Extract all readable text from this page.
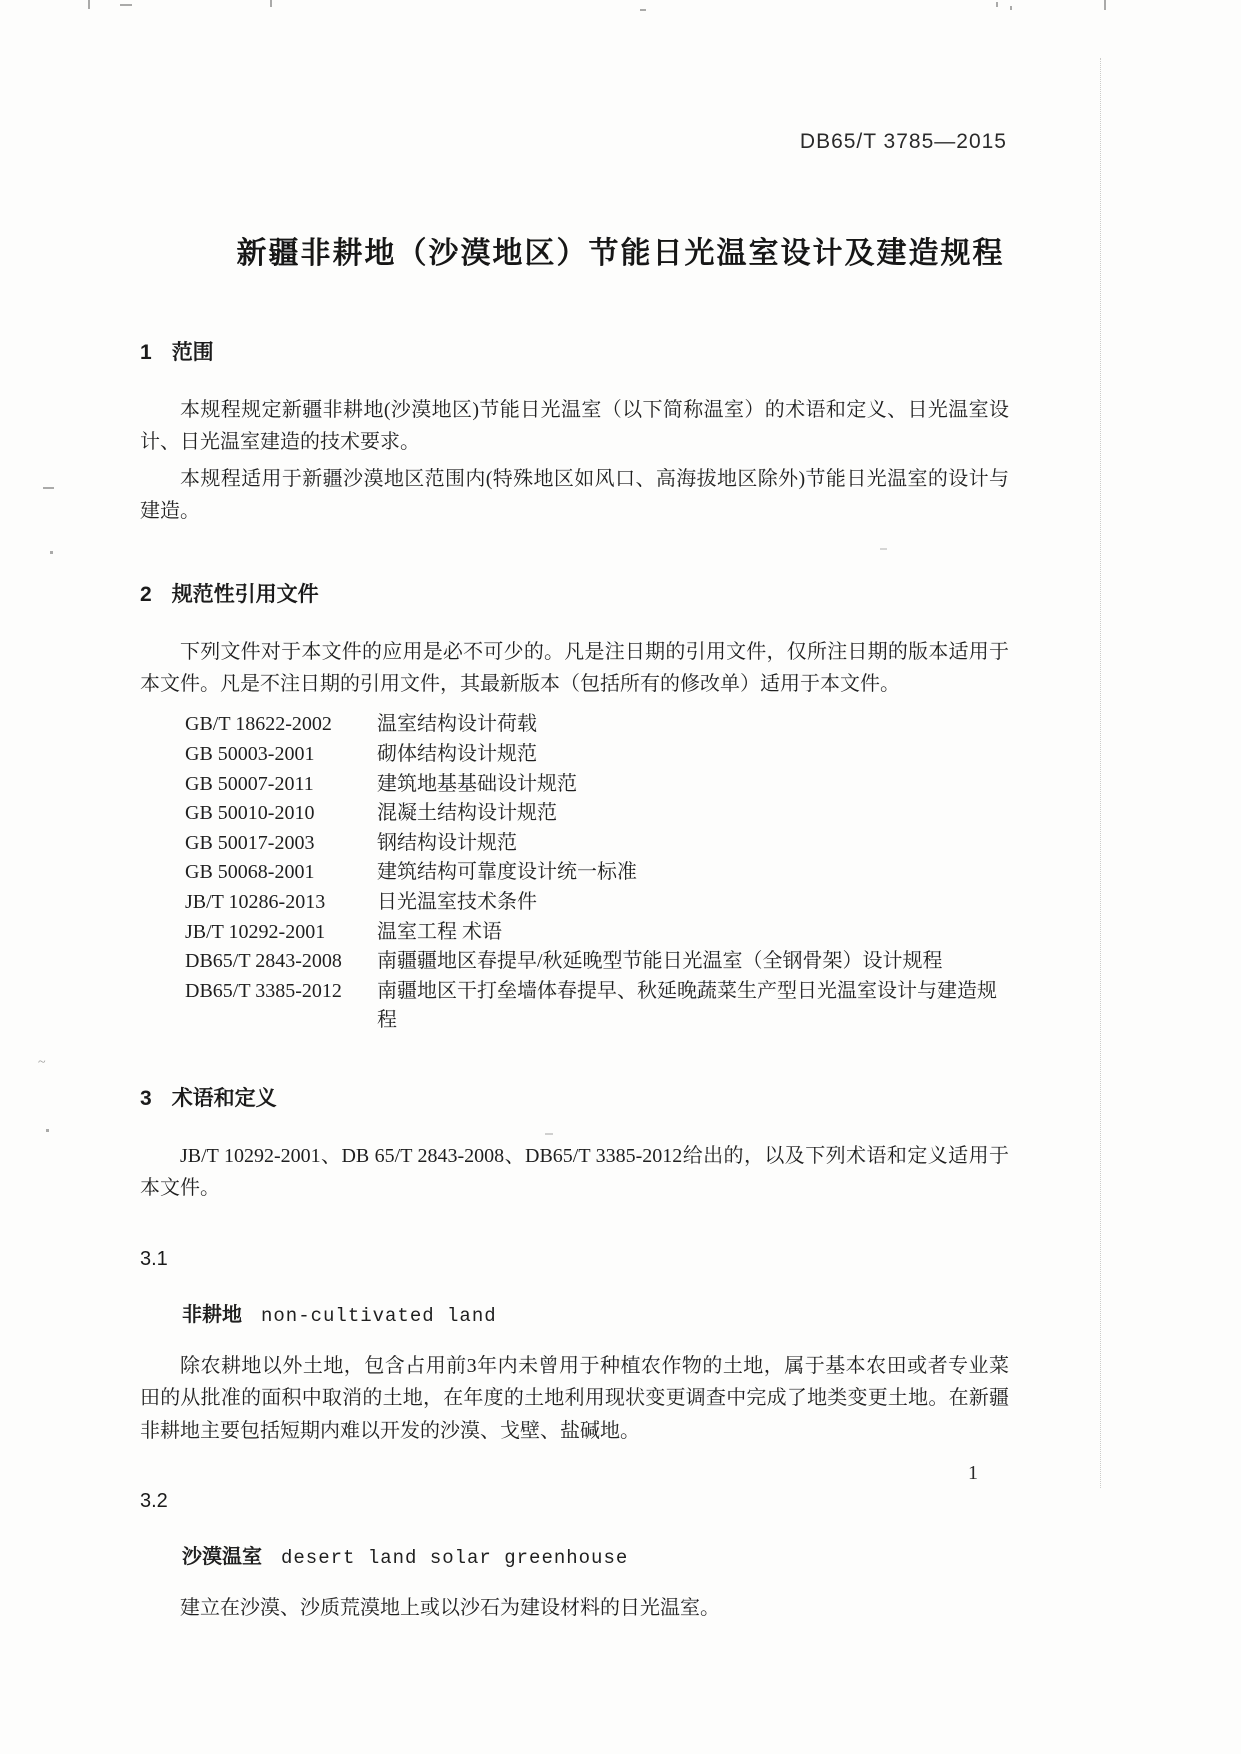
~
DB65/T 3785—2015
新疆非耕地（沙漠地区）节能日光温室设计及建造规程
1 范围

本规程规定新疆非耕地(沙漠地区)节能日光温室（以下简称温室）的术语和定义、日光温室设计、日光温室建造的技术要求。

本规程适用于新疆沙漠地区范围内(特殊地区如风口、高海拔地区除外)节能日光温室的设计与建造。

2 规范性引用文件

下列文件对于本文件的应用是必不可少的。凡是注日期的引用文件，仅所注日期的版本适用于本文件。凡是不注日期的引用文件，其最新版本（包括所有的修改单）适用于本文件。

GB/T 18622-2002	温室结构设计荷载
GB 50003-2001	砌体结构设计规范
GB 50007-2011	建筑地基基础设计规范
GB 50010-2010	混凝土结构设计规范
GB 50017-2003	钢结构设计规范
GB 50068-2001	建筑结构可靠度设计统一标准
JB/T 10286-2013	日光温室技术条件
JB/T 10292-2001	温室工程 术语
DB65/T 2843-2008	南疆疆地区春提早/秋延晚型节能日光温室（全钢骨架）设计规程
DB65/T 3385-2012	南疆地区干打垒墙体春提早、秋延晚蔬菜生产型日光温室设计与建造规程
3 术语和定义

JB/T 10292-2001、DB 65/T 2843-2008、DB65/T 3385-2012给出的，以及下列术语和定义适用于本文件。

3.1

非耕地 non-cultivated land

除农耕地以外土地，包含占用前3年内未曾用于种植农作物的土地，属于基本农田或者专业菜田的从批准的面积中取消的土地，在年度的土地利用现状变更调查中完成了地类变更土地。在新疆非耕地主要包括短期内难以开发的沙漠、戈壁、盐碱地。

3.2

沙漠温室 desert land solar greenhouse

建立在沙漠、沙质荒漠地上或以沙石为建设材料的日光温室。

1
